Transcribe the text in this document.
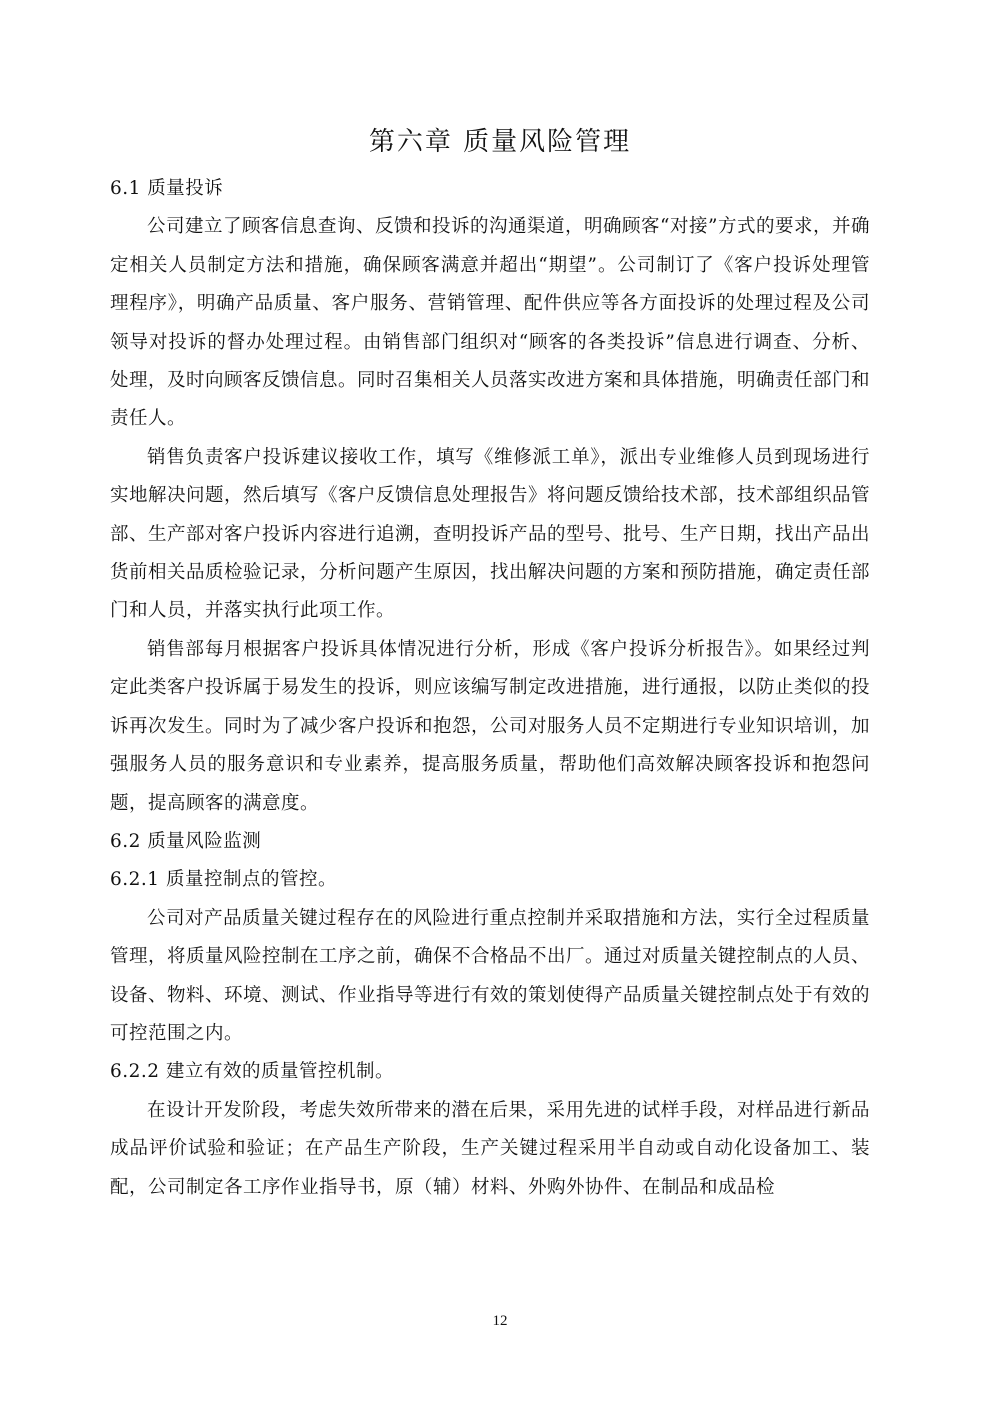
第六章 质量风险管理

6.1 质量投诉

公司建立了顾客信息查询、反馈和投诉的沟通渠道，明确顾客“对接”方式的要求，并确定相关人员制定方法和措施，确保顾客满意并超出“期望”。公司制订了《客户投诉处理管理程序》，明确产品质量、客户服务、营销管理、配件供应等各方面投诉的处理过程及公司领导对投诉的督办处理过程。由销售部门组织对“顾客的各类投诉”信息进行调查、分析、处理，及时向顾客反馈信息。同时召集相关人员落实改进方案和具体措施，明确责任部门和责任人。

销售负责客户投诉建议接收工作，填写《维修派工单》，派出专业维修人员到现场进行实地解决问题，然后填写《客户反馈信息处理报告》将问题反馈给技术部，技术部组织品管部、生产部对客户投诉内容进行追溯，查明投诉产品的型号、批号、生产日期，找出产品出货前相关品质检验记录，分析问题产生原因，找出解决问题的方案和预防措施，确定责任部门和人员，并落实执行此项工作。

销售部每月根据客户投诉具体情况进行分析，形成《客户投诉分析报告》。如果经过判定此类客户投诉属于易发生的投诉，则应该编写制定改进措施，进行通报，以防止类似的投诉再次发生。同时为了减少客户投诉和抱怨，公司对服务人员不定期进行专业知识培训，加强服务人员的服务意识和专业素养，提高服务质量，帮助他们高效解决顾客投诉和抱怨问题，提高顾客的满意度。

6.2 质量风险监测

6.2.1 质量控制点的管控。

公司对产品质量关键过程存在的风险进行重点控制并采取措施和方法，实行全过程质量管理，将质量风险控制在工序之前，确保不合格品不出厂。通过对质量关键控制点的人员、设备、物料、环境、测试、作业指导等进行有效的策划使得产品质量关键控制点处于有效的可控范围之内。

6.2.2 建立有效的质量管控机制。

在设计开发阶段，考虑失效所带来的潜在后果，采用先进的试样手段，对样品进行新品成品评价试验和验证；在产品生产阶段，生产关键过程采用半自动或自动化设备加工、装配，公司制定各工序作业指导书，原（辅）材料、外购外协件、在制品和成品检

12
